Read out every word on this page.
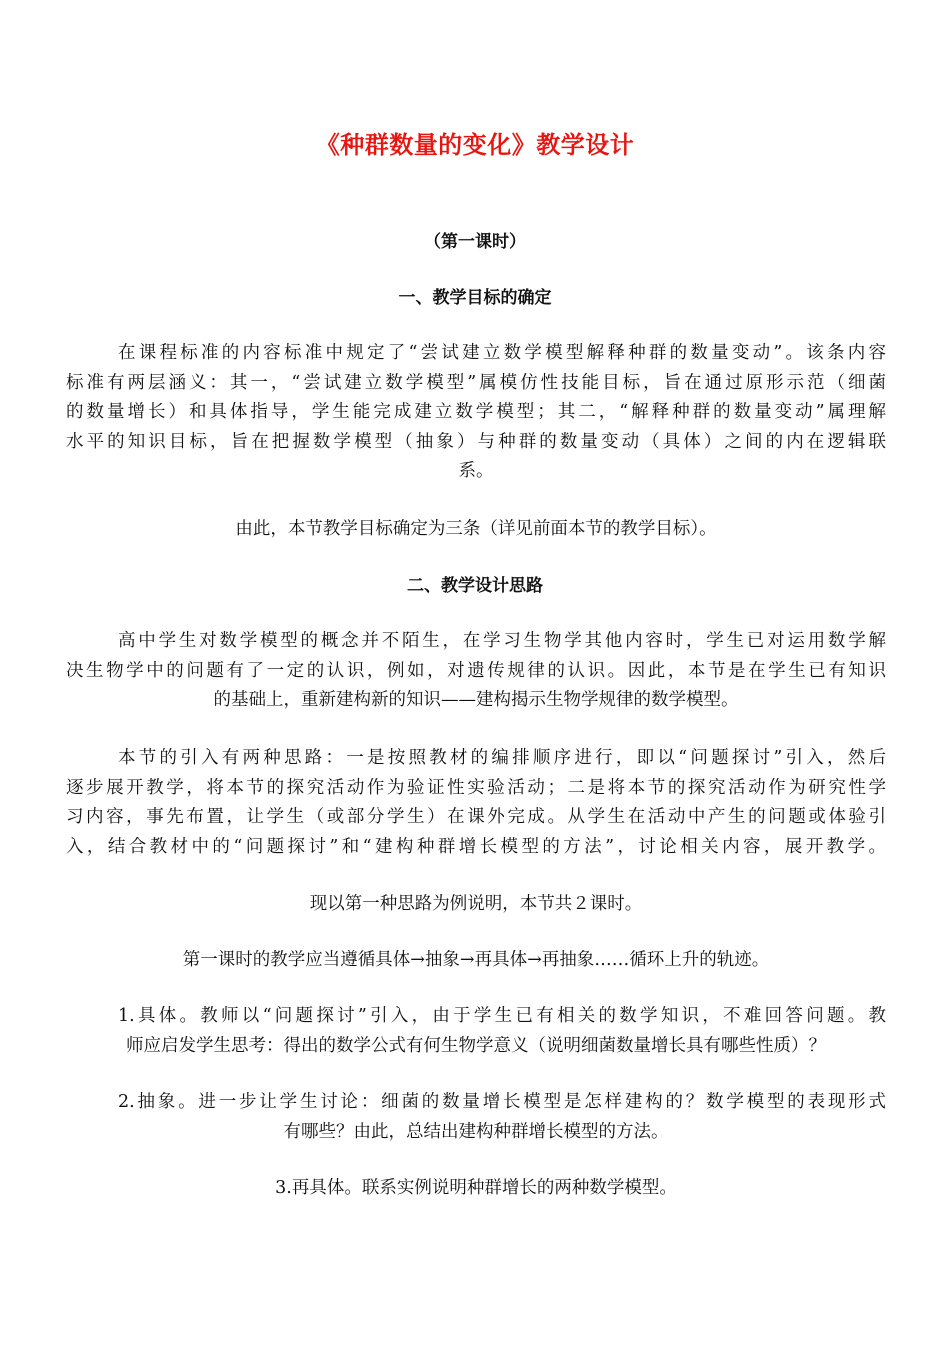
《种群数量的变化》教学设计
（第一课时）
一、教学目标的确定
在课程标准的内容标准中规定了“尝试建立数学模型解释种群的数量变动”。该条内容
标准有两层涵义：其一，“尝试建立数学模型”属模仿性技能目标，旨在通过原形示范（细菌
的数量增长）和具体指导，学生能完成建立数学模型；其二，“解释种群的数量变动”属理解
水平的知识目标，旨在把握数学模型（抽象）与种群的数量变动（具体）之间的内在逻辑联
系。
由此，本节教学目标确定为三条（详见前面本节的教学目标）。
二、教学设计思路
高中学生对数学模型的概念并不陌生，在学习生物学其他内容时，学生已对运用数学解
决生物学中的问题有了一定的认识，例如，对遗传规律的认识。因此，本节是在学生已有知识
的基础上，重新建构新的知识——建构揭示生物学规律的数学模型。
本节的引入有两种思路：一是按照教材的编排顺序进行，即以“问题探讨”引入，然后
逐步展开教学，将本节的探究活动作为验证性实验活动；二是将本节的探究活动作为研究性学
习内容，事先布置，让学生（或部分学生）在课外完成。从学生在活动中产生的问题或体验引
入，结合教材中的“问题探讨”和“建构种群增长模型的方法”，讨论相关内容，展开教学。
现以第一种思路为例说明，本节共２课时。
第一课时的教学应当遵循具体→抽象→再具体→再抽象……循环上升的轨迹。
1.具体。教师以“问题探讨”引入，由于学生已有相关的数学知识，不难回答问题。教
师应启发学生思考：得出的数学公式有何生物学意义（说明细菌数量增长具有哪些性质）？
2.抽象。进一步让学生讨论：细菌的数量增长模型是怎样建构的？数学模型的表现形式
有哪些？由此，总结出建构种群增长模型的方法。
3.再具体。联系实例说明种群增长的两种数学模型。
